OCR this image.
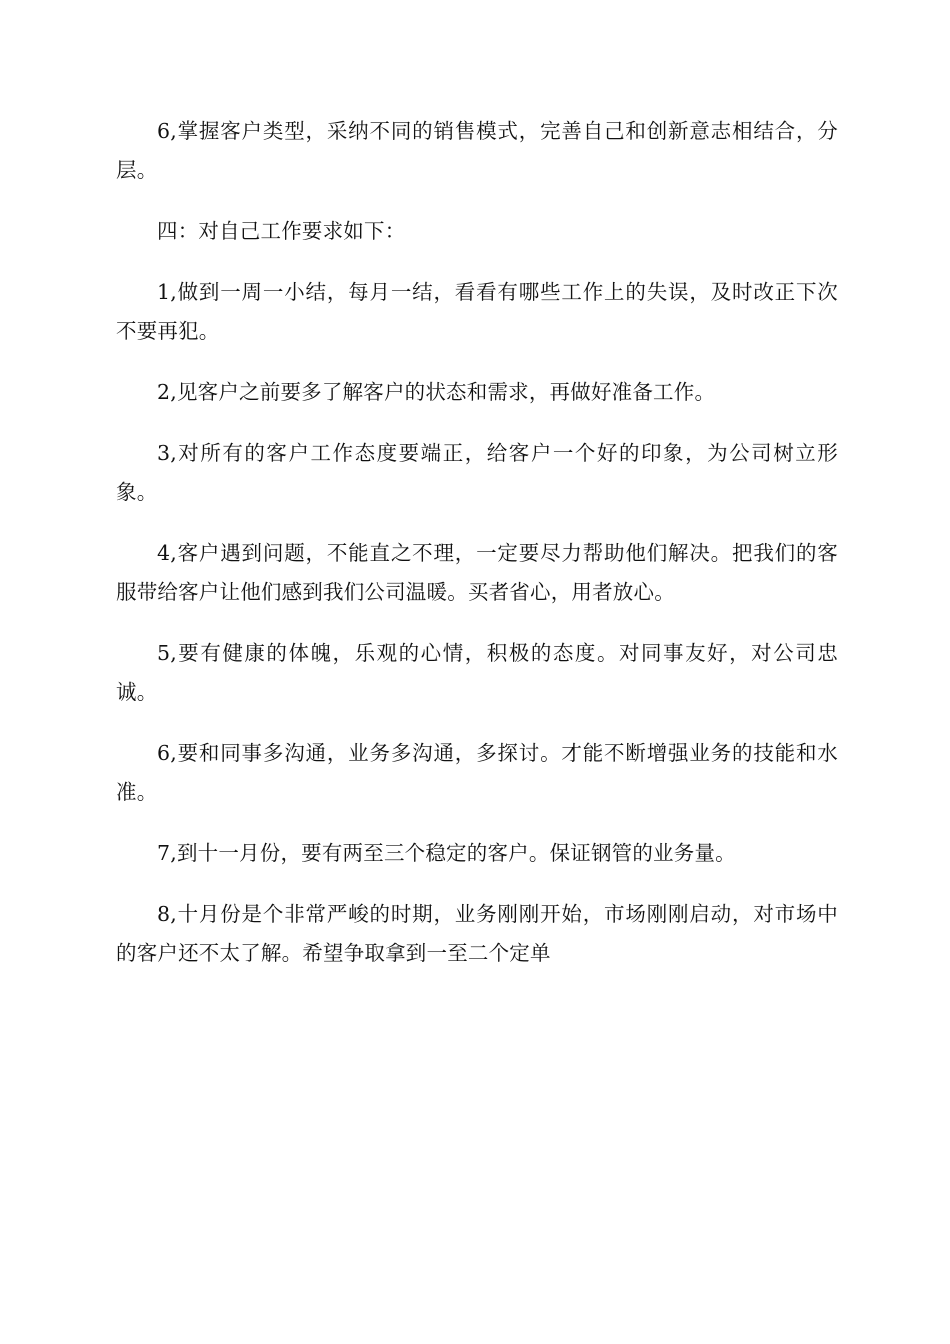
6,掌握客户类型，采纳不同的销售模式，完善自己和创新意志相结合，分层。

四：对自己工作要求如下：

1,做到一周一小结，每月一结，看看有哪些工作上的失误，及时改正下次不要再犯。

2,见客户之前要多了解客户的状态和需求，再做好准备工作。

3,对所有的客户工作态度要端正，给客户一个好的印象，为公司树立形象。

4,客户遇到问题，不能直之不理，一定要尽力帮助他们解决。把我们的客服带给客户让他们感到我们公司温暖。买者省心，用者放心。

5,要有健康的体魄，乐观的心情，积极的态度。对同事友好，对公司忠诚。

6,要和同事多沟通，业务多沟通，多探讨。才能不断增强业务的技能和水准。

7,到十一月份，要有两至三个稳定的客户。保证钢管的业务量。

8,十月份是个非常严峻的时期，业务刚刚开始，市场刚刚启动，对市场中的客户还不太了解。希望争取拿到一至二个定单
